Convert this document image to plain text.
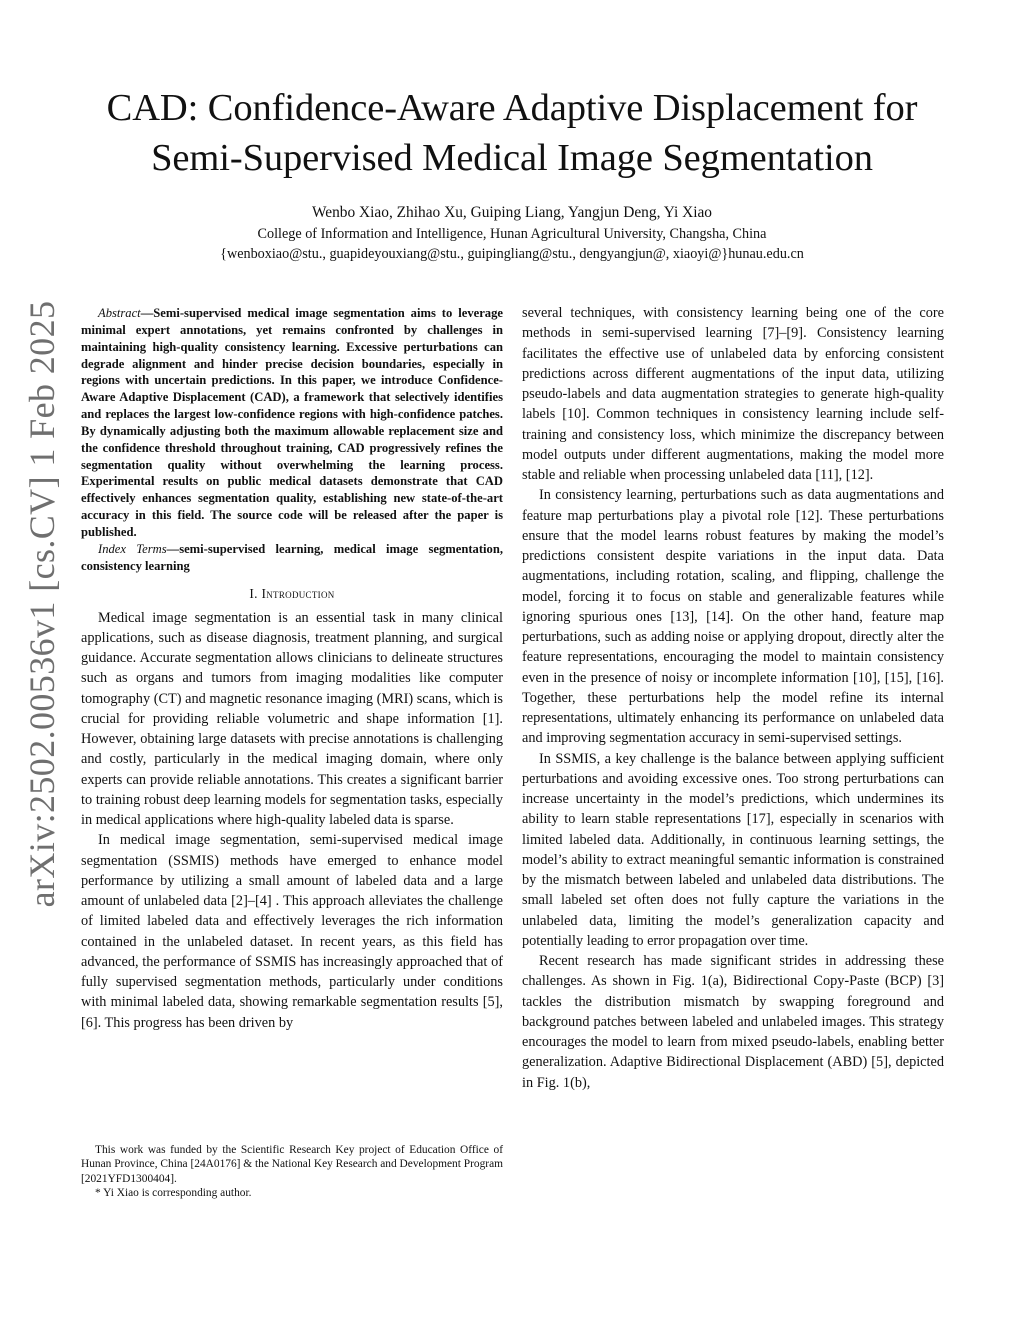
CAD: Confidence-Aware Adaptive Displacement for
Semi-Supervised Medical Image Segmentation
Wenbo Xiao, Zhihao Xu, Guiping Liang, Yangjun Deng, Yi Xiao
College of Information and Intelligence, Hunan Agricultural University, Changsha, China
{wenboxiao@stu., guapideyouxiang@stu., guipingliang@stu., dengyangjun@, xiaoyi@}hunau.edu.cn
arXiv:2502.00536v1 [cs.CV] 1 Feb 2025	Abstract—Semi-supervised medical image segmentation aims to leverage minimal expert annotations, yet remains confronted by challenges in maintaining high-quality consistency learning. Excessive perturbations can degrade alignment and hinder precise decision boundaries, especially in regions with uncertain predictions. In this paper, we introduce Confidence-Aware Adaptive Displacement (CAD), a framework that selectively identifies and replaces the largest low-confidence regions with high-confidence patches. By dynamically adjusting both the maximum allowable replacement size and the confidence threshold throughout training, CAD progressively refines the segmentation quality without overwhelming the learning process. Experimental results on public medical datasets demonstrate that CAD effectively enhances segmentation quality, establishing new state-of-the-art accuracy in this field. The source code will be released after the paper is published.

Index Terms—semi-supervised learning, medical image segmentation, consistency learning

I. Introduction

Medical image segmentation is an essential task in many clinical applications, such as disease diagnosis, treatment planning, and surgical guidance. Accurate segmentation allows clinicians to delineate structures such as organs and tumors from imaging modalities like computer tomography (CT) and magnetic resonance imaging (MRI) scans, which is crucial for providing reliable volumetric and shape information [1]. However, obtaining large datasets with precise annotations is challenging and costly, particularly in the medical imaging domain, where only experts can provide reliable annotations. This creates a significant barrier to training robust deep learning models for segmentation tasks, especially in medical applications where high-quality labeled data is sparse.

In medical image segmentation, semi-supervised medical image segmentation (SSMIS) methods have emerged to enhance model performance by utilizing a small amount of labeled data and a large amount of unlabeled data [2]–[4] . This approach alleviates the challenge of limited labeled data and effectively leverages the rich information contained in the unlabeled dataset. In recent years, as this field has advanced, the performance of SSMIS has increasingly approached that of fully supervised segmentation methods, particularly under conditions with minimal labeled data, showing remarkable segmentation results [5], [6]. This progress has been driven by

This work was funded by the Scientific Research Key project of Education Office of Hunan Province, China [24A0176] & the National Key Research and Development Program [2021YFD1300404].

* Yi Xiao is corresponding author.

several techniques, with consistency learning being one of the core methods in semi-supervised learning [7]–[9]. Consistency learning facilitates the effective use of unlabeled data by enforcing consistent predictions across different augmentations of the input data, utilizing pseudo-labels and data augmentation strategies to generate high-quality labels [10]. Common techniques in consistency learning include self-training and consistency loss, which minimize the discrepancy between model outputs under different augmentations, making the model more stable and reliable when processing unlabeled data [11], [12].

In consistency learning, perturbations such as data augmentations and feature map perturbations play a pivotal role [12]. These perturbations ensure that the model learns robust features by making the model’s predictions consistent despite variations in the input data. Data augmentations, including rotation, scaling, and flipping, challenge the model, forcing it to focus on stable and generalizable features while ignoring spurious ones [13], [14]. On the other hand, feature map perturbations, such as adding noise or applying dropout, directly alter the feature representations, encouraging the model to maintain consistency even in the presence of noisy or incomplete information [10], [15], [16]. Together, these perturbations help the model refine its internal representations, ultimately enhancing its performance on unlabeled data and improving segmentation accuracy in semi-supervised settings.

In SSMIS, a key challenge is the balance between applying sufficient perturbations and avoiding excessive ones. Too strong perturbations can increase uncertainty in the model’s predictions, which undermines its ability to learn stable representations [17], especially in scenarios with limited labeled data. Additionally, in continuous learning settings, the model’s ability to extract meaningful semantic information is constrained by the mismatch between labeled and unlabeled data distributions. The small labeled set often does not fully capture the variations in the unlabeled data, limiting the model’s generalization capacity and potentially leading to error propagation over time.

Recent research has made significant strides in addressing these challenges. As shown in Fig. 1(a), Bidirectional Copy-Paste (BCP) [3] tackles the distribution mismatch by swapping foreground and background patches between labeled and unlabeled images. This strategy encourages the model to learn from mixed pseudo-labels, enabling better generalization. Adaptive Bidirectional Displacement (ABD) [5], depicted in Fig. 1(b),
